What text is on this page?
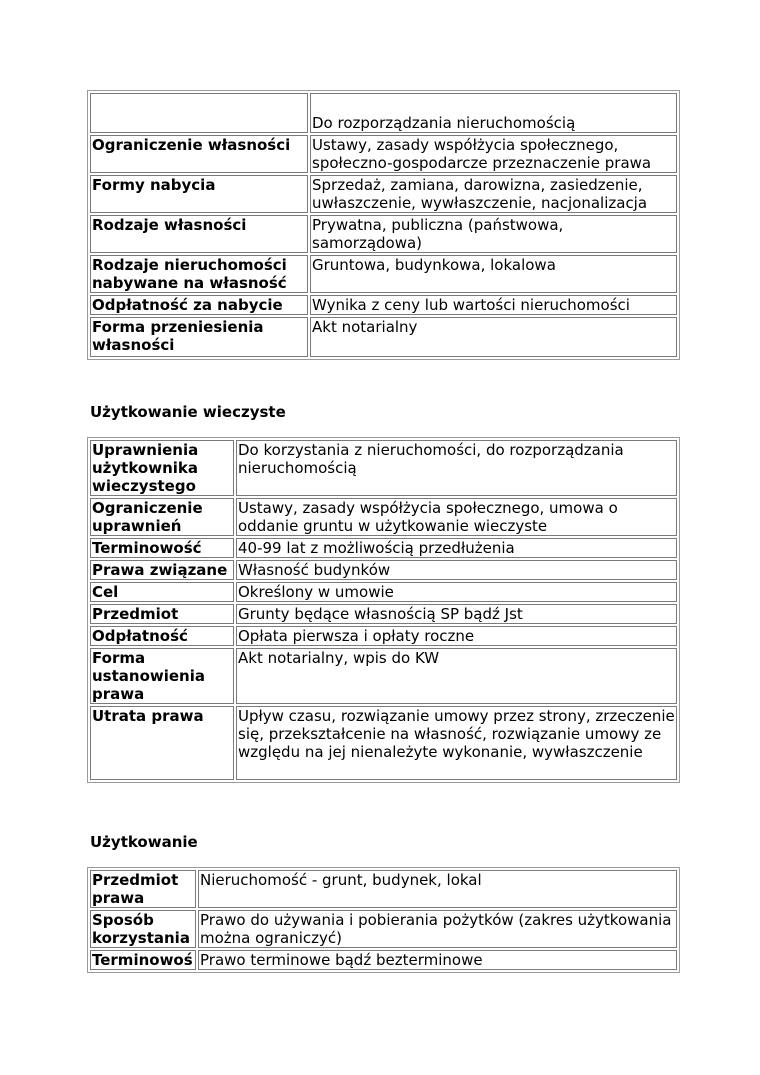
	Do rozporządzania nieruchomością
Ograniczenie własności	Ustawy, zasady współżycia społecznego, społeczno-gospodarcze przeznaczenie prawa
Formy nabycia	Sprzedaż, zamiana, darowizna, zasiedzenie, uwłaszczenie, wywłaszczenie, nacjonalizacja
Rodzaje własności	Prywatna, publiczna (państwowa, samorządowa)
Rodzaje nieruchomości nabywane na własność	Gruntowa, budynkowa, lokalowa
Odpłatność za nabycie	Wynika z ceny lub wartości nieruchomości
Forma przeniesienia własności	Akt notarialny
Użytkowanie wieczyste
Uprawnienia użytkownika wieczystego	Do korzystania z nieruchomości, do rozporządzania nieruchomością
Ograniczenie uprawnień	Ustawy, zasady współżycia społecznego, umowa o oddanie gruntu w użytkowanie wieczyste
Terminowość	40-99 lat z możliwością przedłużenia
Prawa związane	Własność budynków
Cel	Określony w umowie
Przedmiot	Grunty będące własnością SP bądź Jst
Odpłatność	Opłata pierwsza i opłaty roczne
Forma ustanowienia prawa	Akt notarialny, wpis do KW
Utrata prawa	Upływ czasu, rozwiązanie umowy przez strony, zrzeczenie się, przekształcenie na własność, rozwiązanie umowy ze względu na jej nienależyte wykonanie, wywłaszczenie
Użytkowanie
Przedmiot prawa	Nieruchomość - grunt, budynek, lokal
Sposób korzystania	Prawo do używania i pobierania pożytków (zakres użytkowania można ograniczyć)
Terminowoś	Prawo terminowe bądź bezterminowe
